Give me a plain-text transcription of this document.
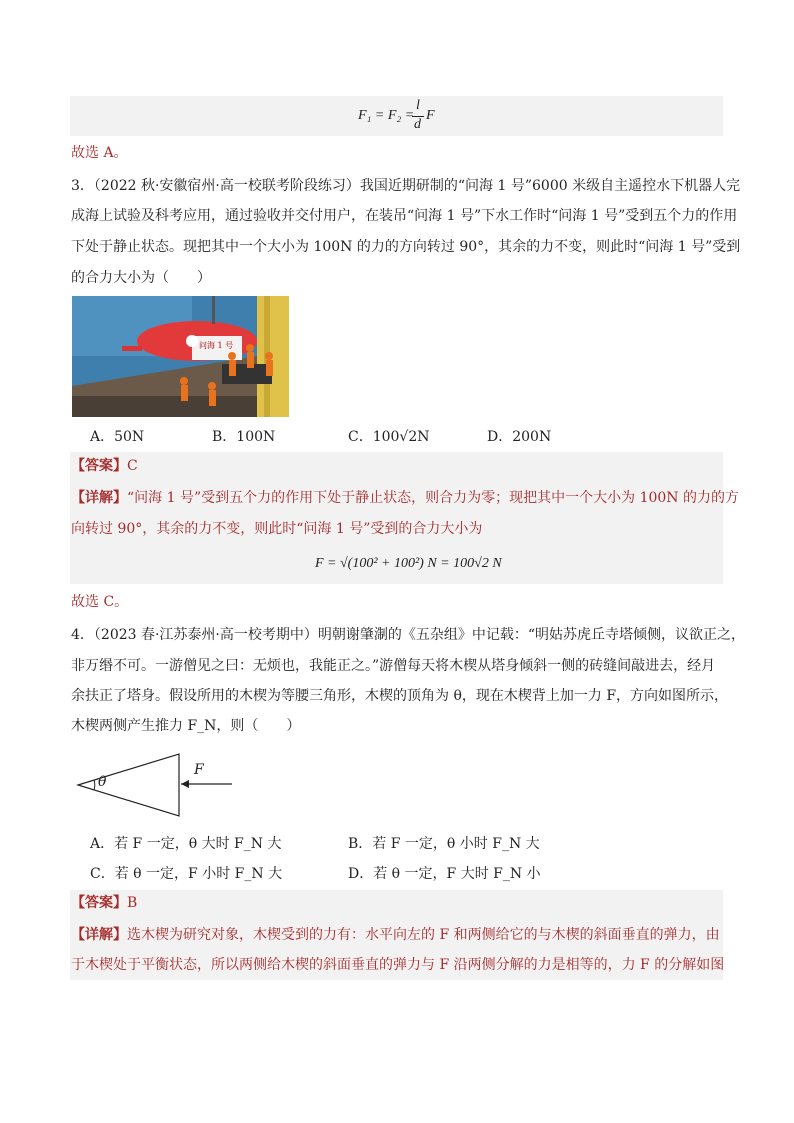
F₁ = F₂ =
l
d
F
故选 A。
3．（2022 秋·安徽宿州·高一校联考阶段练习）我国近期研制的“问海 1 号”6000 米级自主遥控水下机器人完
成海上试验及科考应用，通过验收并交付用户，在装吊“问海 1 号”下水工作时“问海 1 号”受到五个力的作用
下处于静止状态。现把其中一个大小为 100N 的力的方向转过 90°，其余的力不变，则此时“问海 1 号”受到
的合力大小为（　　）
问海 1 号
A．50N	B．100N	C．100√2N	D．200N
【答案】C
【详解】“问海 1 号”受到五个力的作用下处于静止状态，则合力为零；现把其中一个大小为 100N 的力的方
向转过 90°，其余的力不变，则此时“问海 1 号”受到的合力大小为
F = √(100² + 100²) N = 100√2 N
故选 C。
4．（2023 春·江苏泰州·高一校考期中）明朝谢肇淛的《五杂组》中记载：“明姑苏虎丘寺塔倾侧，议欲正之，
非万缗不可。一游僧见之曰：无烦也，我能正之。”游僧每天将木楔从塔身倾斜一侧的砖缝间敲进去，经月
余扶正了塔身。假设所用的木楔为等腰三角形，木楔的顶角为 θ，现在木楔背上加一力 F，方向如图所示，
木楔两侧产生推力 F_N，则（　　）
θ
F
A．若 F 一定，θ 大时 F_N 大	B．若 F 一定，θ 小时 F_N 大
C．若 θ 一定，F 小时 F_N 大	D．若 θ 一定，F 大时 F_N 小
【答案】B
【详解】选木楔为研究对象，木楔受到的力有：水平向左的 F 和两侧给它的与木楔的斜面垂直的弹力，由
于木楔处于平衡状态，所以两侧给木楔的斜面垂直的弹力与 F 沿两侧分解的力是相等的，力 F 的分解如图
